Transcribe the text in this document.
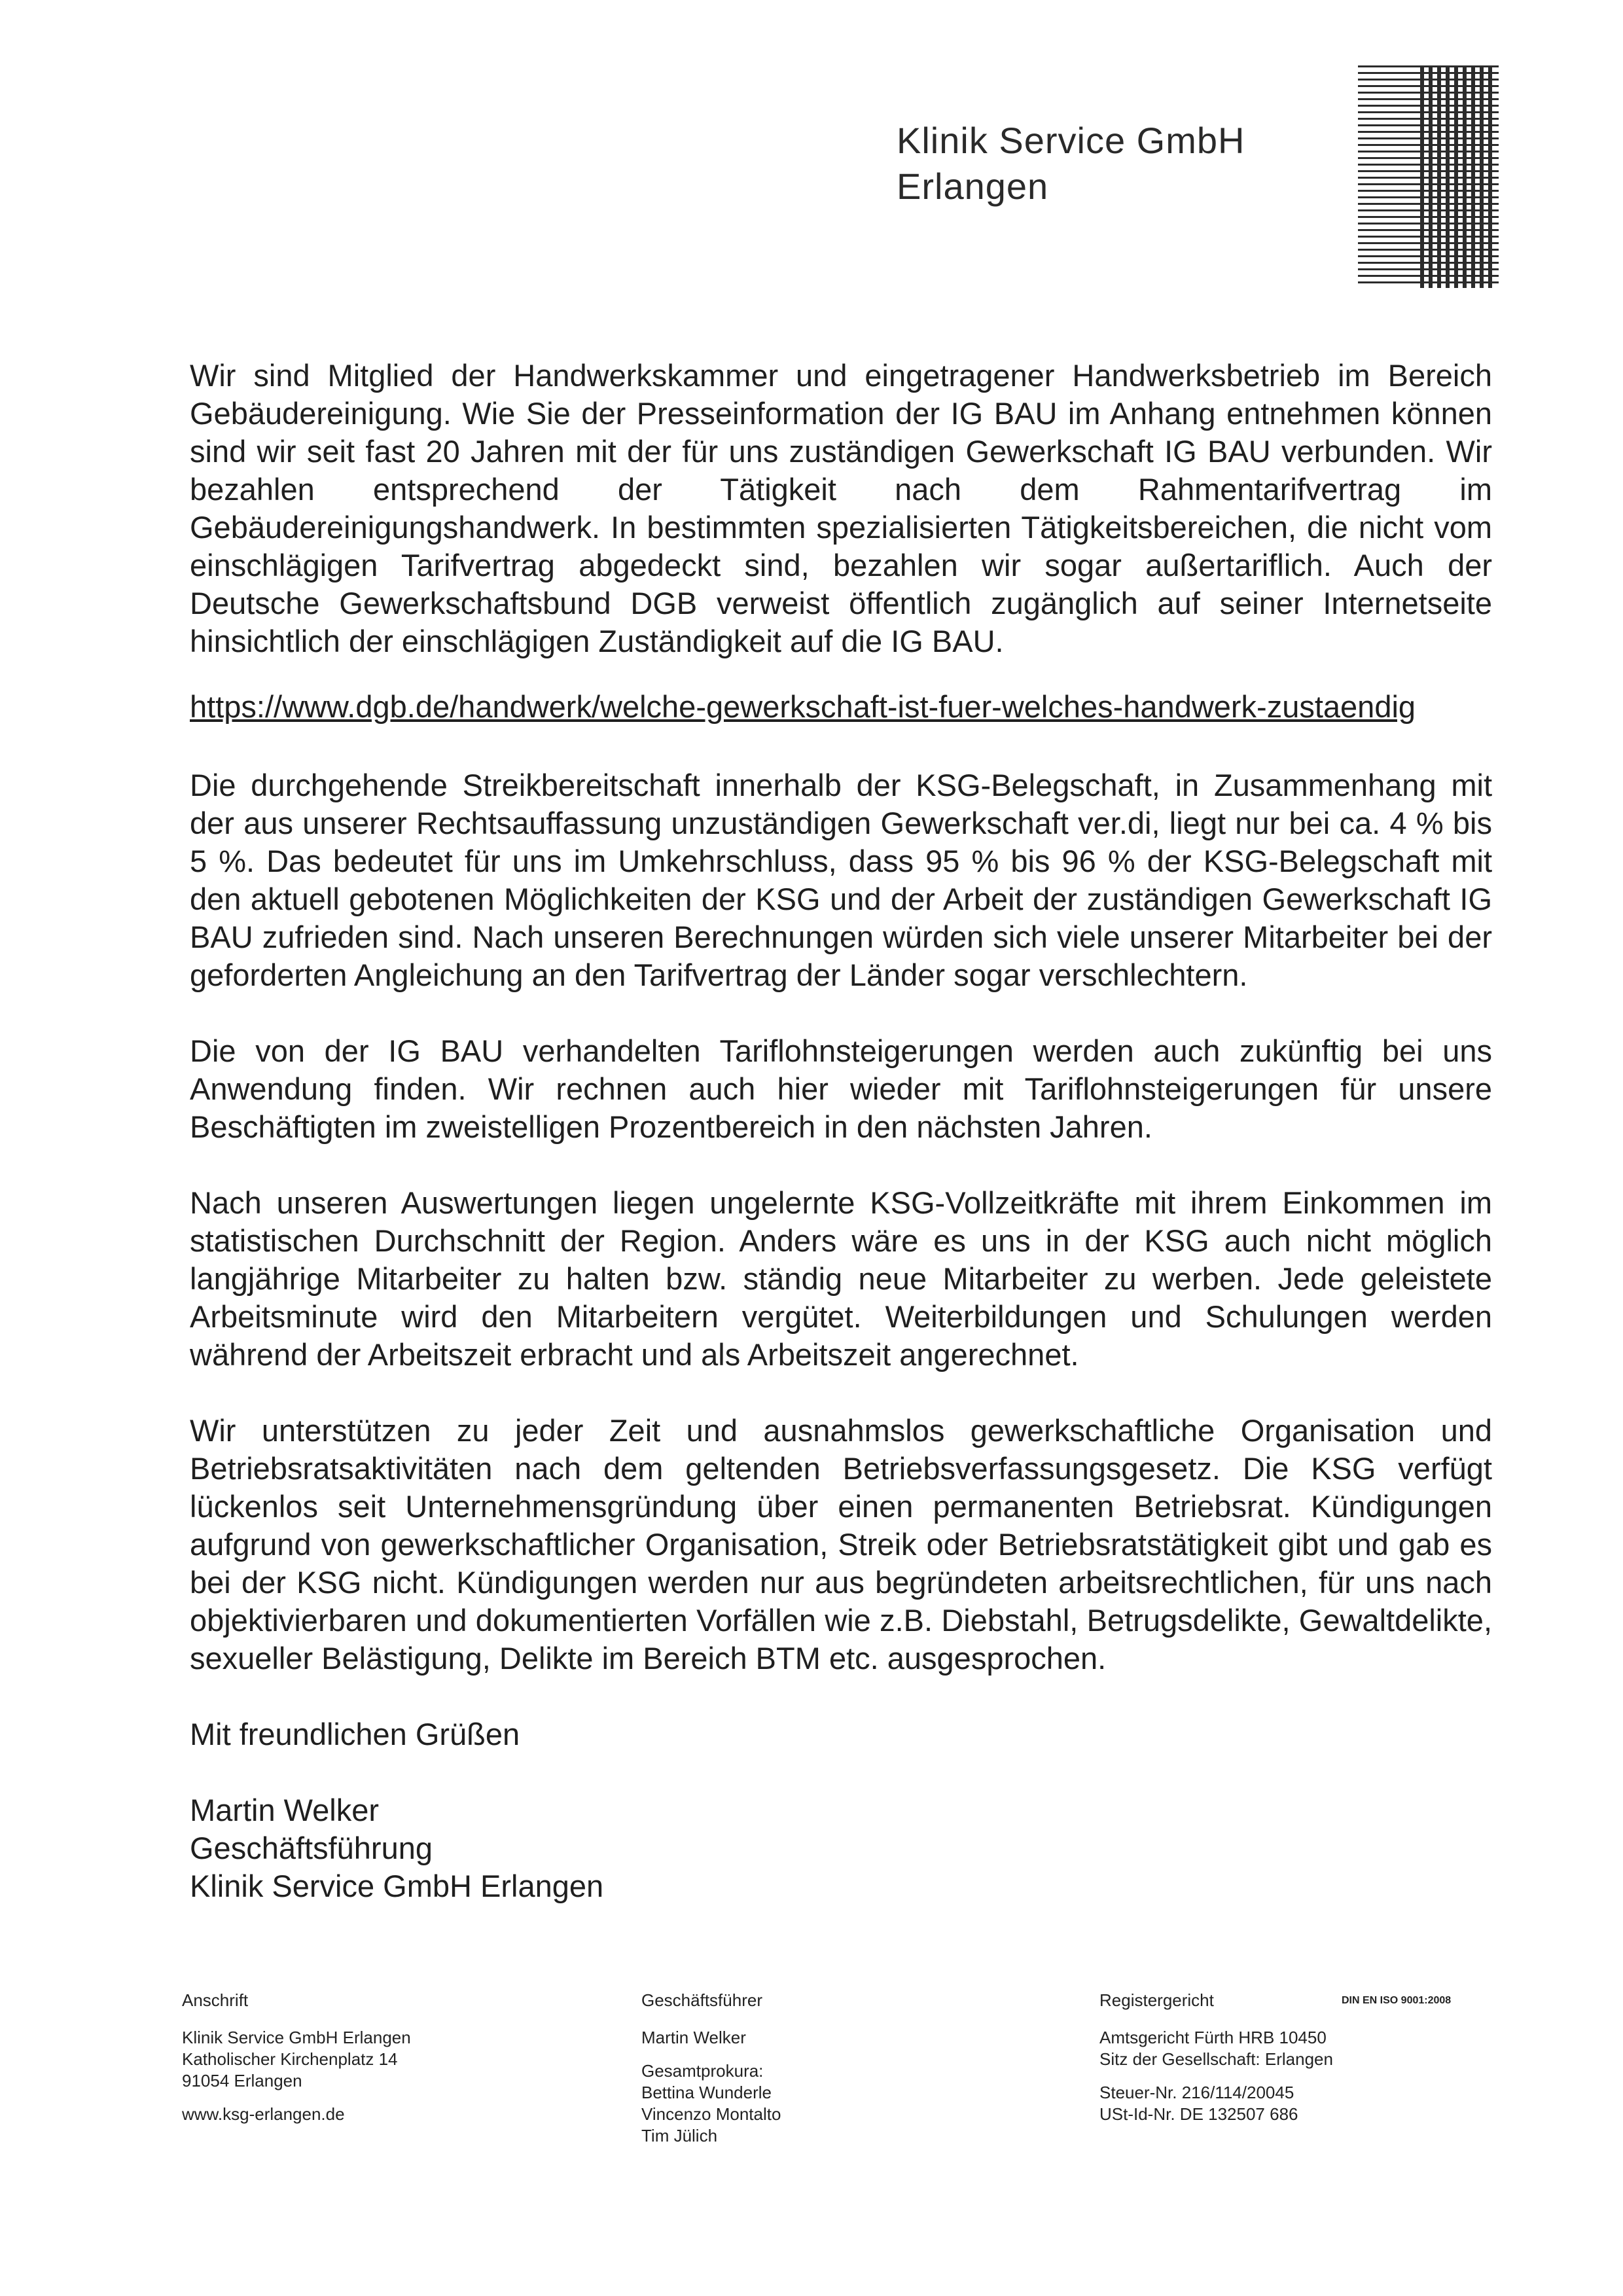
Klinik Service GmbH
Erlangen

Wir sind Mitglied der Handwerkskammer und eingetragener Handwerksbetrieb im Bereich Gebäudereinigung. Wie Sie der Presseinformation der IG BAU im Anhang entnehmen können sind wir seit fast 20 Jahren mit der für uns zuständigen Gewerkschaft IG BAU verbunden. Wir bezahlen entsprechend der Tätigkeit nach dem Rahmentarifvertrag im Gebäudereinigungshandwerk. In bestimmten spezialisierten Tätigkeitsbereichen, die nicht vom einschlägigen Tarifvertrag abgedeckt sind, bezahlen wir sogar außertariflich. Auch der Deutsche Gewerkschaftsbund DGB verweist öffentlich zugänglich auf seiner Internetseite hinsichtlich der einschlägigen Zuständigkeit auf die IG BAU.

https://www.dgb.de/handwerk/welche-gewerkschaft-ist-fuer-welches-handwerk-zustaendig

Die durchgehende Streikbereitschaft innerhalb der KSG-Belegschaft, in Zusammenhang mit der aus unserer Rechtsauffassung unzuständigen Gewerkschaft ver.di, liegt nur bei ca. 4 % bis 5 %. Das bedeutet für uns im Umkehrschluss, dass 95 % bis 96 % der KSG-Belegschaft mit den aktuell gebotenen Möglichkeiten der KSG und der Arbeit der zuständigen Gewerkschaft IG BAU zufrieden sind. Nach unseren Berechnungen würden sich viele unserer Mitarbeiter bei der geforderten Angleichung an den Tarifvertrag der Länder sogar verschlechtern.

Die von der IG BAU verhandelten Tariflohnsteigerungen werden auch zukünftig bei uns Anwendung finden. Wir rechnen auch hier wieder mit Tariflohnsteigerungen für unsere Beschäftigten im zweistelligen Prozentbereich in den nächsten Jahren.

Nach unseren Auswertungen liegen ungelernte KSG-Vollzeitkräfte mit ihrem Einkommen im statistischen Durchschnitt der Region. Anders wäre es uns in der KSG auch nicht möglich langjährige Mitarbeiter zu halten bzw. ständig neue Mitarbeiter zu werben. Jede geleistete Arbeitsminute wird den Mitarbeitern vergütet. Weiterbildungen und Schulungen werden während der Arbeitszeit erbracht und als Arbeitszeit angerechnet.

Wir unterstützen zu jeder Zeit und ausnahmslos gewerkschaftliche Organisation und Betriebsratsaktivitäten nach dem geltenden Betriebsverfassungsgesetz. Die KSG verfügt lückenlos seit Unternehmensgründung über einen permanenten Betriebsrat. Kündigungen aufgrund von gewerkschaftlicher Organisation, Streik oder Betriebsratstätigkeit gibt und gab es bei der KSG nicht. Kündigungen werden nur aus begründeten arbeitsrechtlichen, für uns nach objektivierbaren und dokumentierten Vorfällen wie z.B. Diebstahl, Betrugsdelikte, Gewaltdelikte, sexueller Belästigung, Delikte im Bereich BTM etc. ausgesprochen.

Mit freundlichen Grüßen
Martin Welker
Geschäftsführung
Klinik Service GmbH Erlangen
Anschrift
Klinik Service GmbH Erlangen
Katholischer Kirchenplatz 14
91054 Erlangen
www.ksg-erlangen.de
Geschäftsführer
Martin Welker
Gesamtprokura:
Bettina Wunderle
Vincenzo Montalto
Tim Jülich
Registergericht
Amtsgericht Fürth HRB 10450
Sitz der Gesellschaft: Erlangen
Steuer-Nr. 216/114/20045
USt-Id-Nr. DE 132507 686
DIN EN ISO 9001:2008
